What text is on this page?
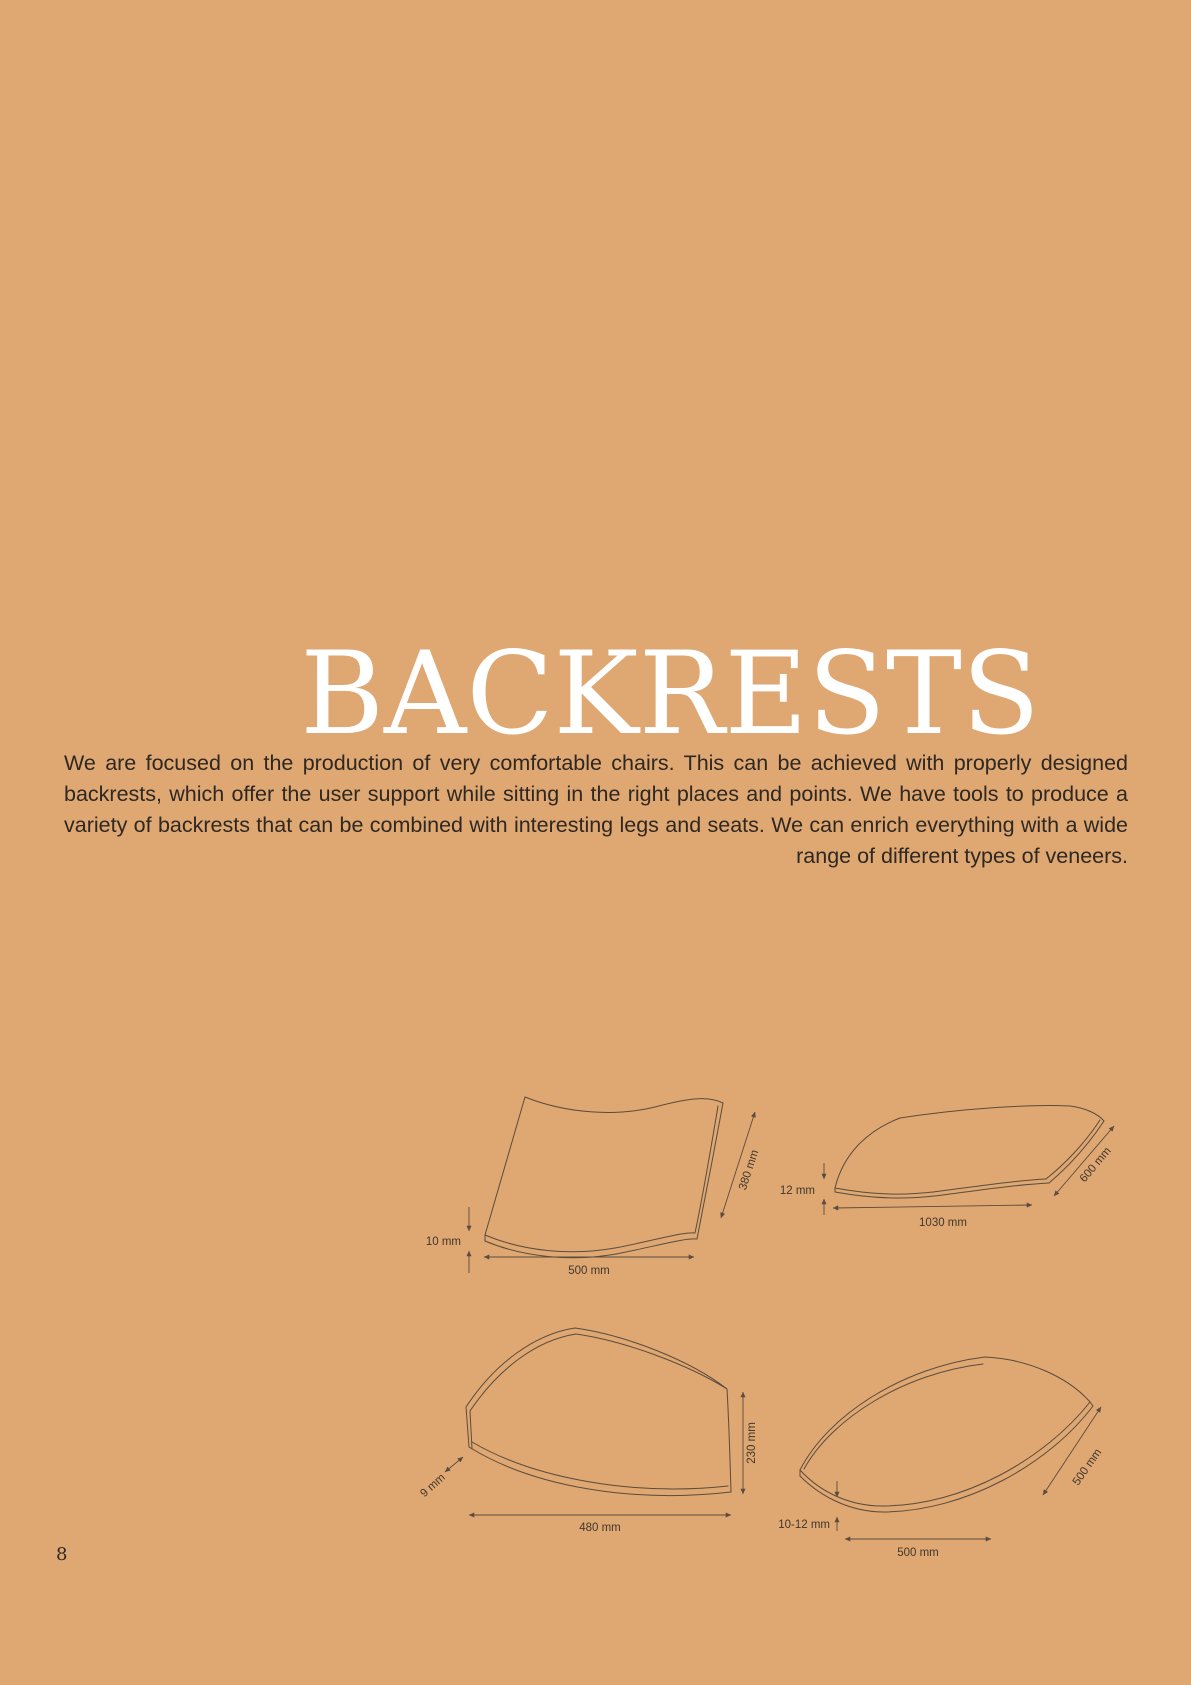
BACKRESTS

We are focused on the production of very comfortable chairs. This can be achieved with properly designed backrests, which offer the user support while sitting in the right places and points. We have tools to produce a variety of backrests that can be combined with interesting legs and seats. We can enrich everything with a wide range of different types of veneers.

10 mm
500 mm
380 mm 12 mm
1030 mm
600 mm
230 mm
480 mm
9 mm
10-12 mm
500 mm
500 mm
8
